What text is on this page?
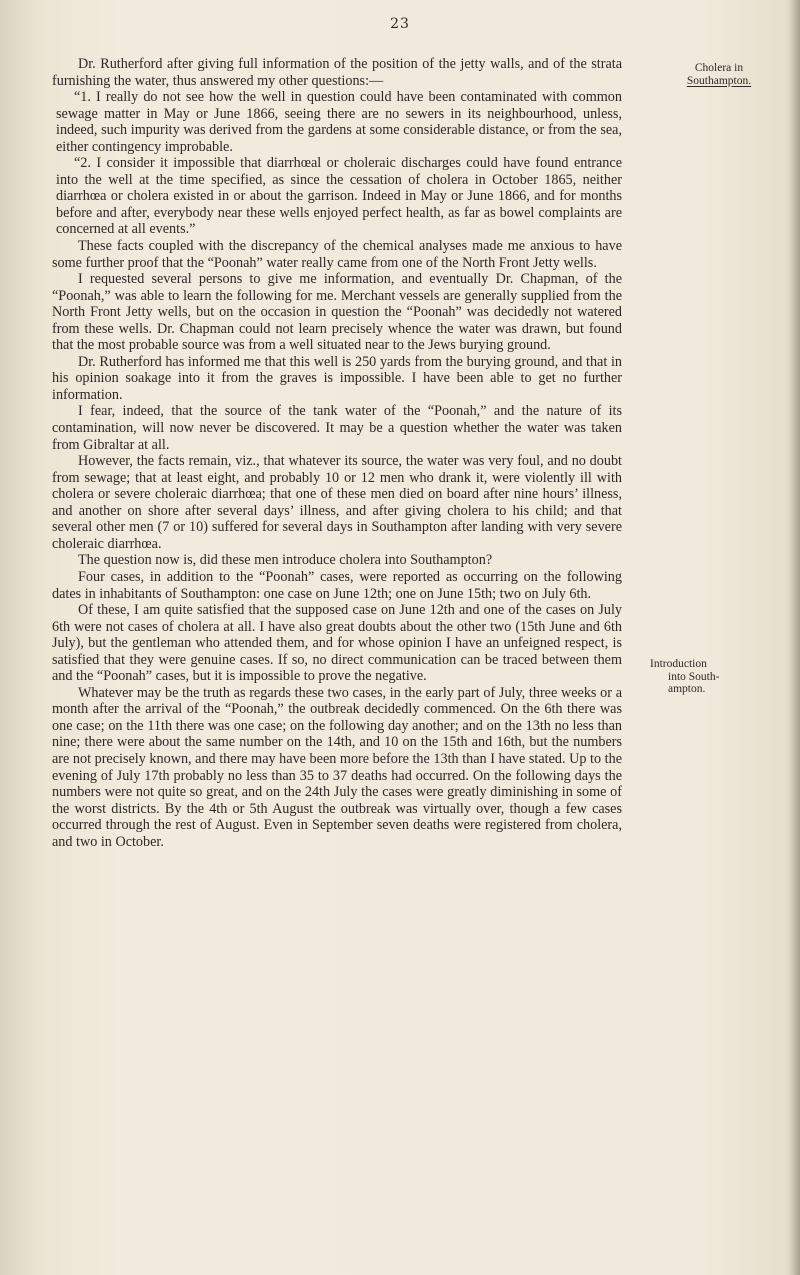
23
Cholera in
Southampton.
Introduction
into South-
ampton.

Dr. Rutherford after giving full information of the position of the jetty walls, and of the strata furnishing the water, thus answered my other questions:—

“1. I really do not see how the well in question could have been contaminated with common sewage matter in May or June 1866, seeing there are no sewers in its neighbourhood, unless, indeed, such impurity was derived from the gardens at some considerable distance, or from the sea, either contingency improbable.

“2. I consider it impossible that diarrhœal or choleraic discharges could have found entrance into the well at the time specified, as since the cessation of cholera in October 1865, neither diarrhœa or cholera existed in or about the garrison. Indeed in May or June 1866, and for months before and after, everybody near these wells enjoyed perfect health, as far as bowel complaints are concerned at all events.”

These facts coupled with the discrepancy of the chemical analyses made me anxious to have some further proof that the “Poonah” water really came from one of the North Front Jetty wells.

I requested several persons to give me information, and eventually Dr. Chapman, of the “Poonah,” was able to learn the following for me. Merchant vessels are generally supplied from the North Front Jetty wells, but on the occasion in question the “Poonah” was decidedly not watered from these wells. Dr. Chapman could not learn precisely whence the water was drawn, but found that the most probable source was from a well situated near to the Jews burying ground.

Dr. Rutherford has informed me that this well is 250 yards from the burying ground, and that in his opinion soakage into it from the graves is impossible. I have been able to get no further information.

I fear, indeed, that the source of the tank water of the “Poonah,” and the nature of its contamination, will now never be discovered. It may be a question whether the water was taken from Gibraltar at all.

However, the facts remain, viz., that whatever its source, the water was very foul, and no doubt from sewage; that at least eight, and probably 10 or 12 men who drank it, were violently ill with cholera or severe choleraic diarrhœa; that one of these men died on board after nine hours’ illness, and another on shore after several days’ illness, and after giving cholera to his child; and that several other men (7 or 10) suffered for several days in Southampton after landing with very severe choleraic diarrhœa.

The question now is, did these men introduce cholera into Southampton?

Four cases, in addition to the “Poonah” cases, were reported as occurring on the following dates in inhabitants of Southampton: one case on June 12th; one on June 15th; two on July 6th.

Of these, I am quite satisfied that the supposed case on June 12th and one of the cases on July 6th were not cases of cholera at all. I have also great doubts about the other two (15th June and 6th July), but the gentleman who attended them, and for whose opinion I have an unfeigned respect, is satisfied that they were genuine cases. If so, no direct communication can be traced between them and the “Poonah” cases, but it is impossible to prove the negative.

Whatever may be the truth as regards these two cases, in the early part of July, three weeks or a month after the arrival of the “Poonah,” the outbreak decidedly commenced. On the 6th there was one case; on the 11th there was one case; on the following day another; and on the 13th no less than nine; there were about the same number on the 14th, and 10 on the 15th and 16th, but the numbers are not precisely known, and there may have been more before the 13th than I have stated. Up to the evening of July 17th probably no less than 35 to 37 deaths had occurred. On the following days the numbers were not quite so great, and on the 24th July the cases were greatly diminishing in some of the worst districts. By the 4th or 5th August the outbreak was virtually over, though a few cases occurred through the rest of August. Even in September seven deaths were registered from cholera, and two in October.
